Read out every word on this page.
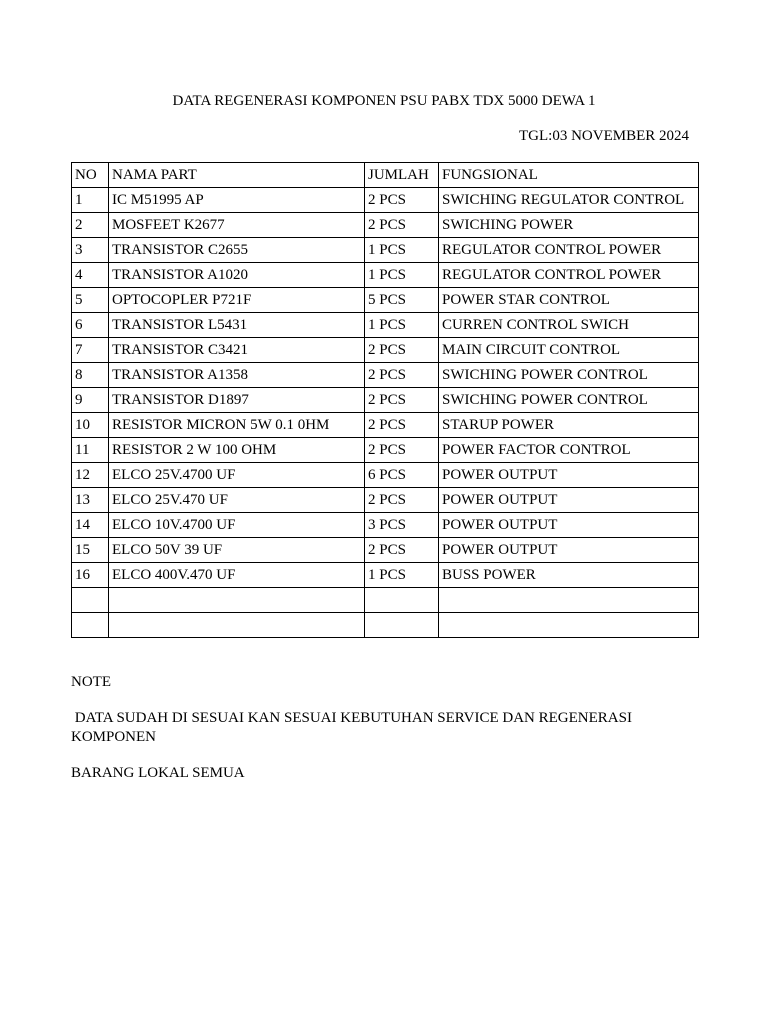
DATA REGENERASI KOMPONEN PSU PABX TDX 5000 DEWA 1
TGL:03 NOVEMBER 2024
NO	NAMA PART	JUMLAH	FUNGSIONAL
1	IC M51995 AP	2 PCS	SWICHING REGULATOR CONTROL
2	MOSFEET K2677	2 PCS	SWICHING POWER
3	TRANSISTOR C2655	1 PCS	REGULATOR CONTROL POWER
4	TRANSISTOR A1020	1 PCS	REGULATOR CONTROL POWER
5	OPTOCOPLER P721F	5 PCS	POWER STAR CONTROL
6	TRANSISTOR L5431	1 PCS	CURREN CONTROL SWICH
7	TRANSISTOR C3421	2 PCS	MAIN CIRCUIT CONTROL
8	TRANSISTOR A1358	2 PCS	SWICHING POWER CONTROL
9	TRANSISTOR D1897	2 PCS	SWICHING POWER CONTROL
10	RESISTOR MICRON 5W 0.1 0HM	2 PCS	STARUP POWER
11	RESISTOR 2 W 100 OHM	2 PCS	POWER FACTOR CONTROL
12	ELCO 25V.4700 UF	6 PCS	POWER OUTPUT
13	ELCO 25V.470 UF	2 PCS	POWER OUTPUT
14	ELCO 10V.4700 UF	3 PCS	POWER OUTPUT
15	ELCO 50V 39 UF	2 PCS	POWER OUTPUT
16	ELCO 400V.470 UF	1 PCS	BUSS POWER

NOTE

DATA SUDAH DI SESUAI KAN SESUAI KEBUTUHAN SERVICE DAN REGENERASI KOMPONEN

BARANG LOKAL SEMUA
